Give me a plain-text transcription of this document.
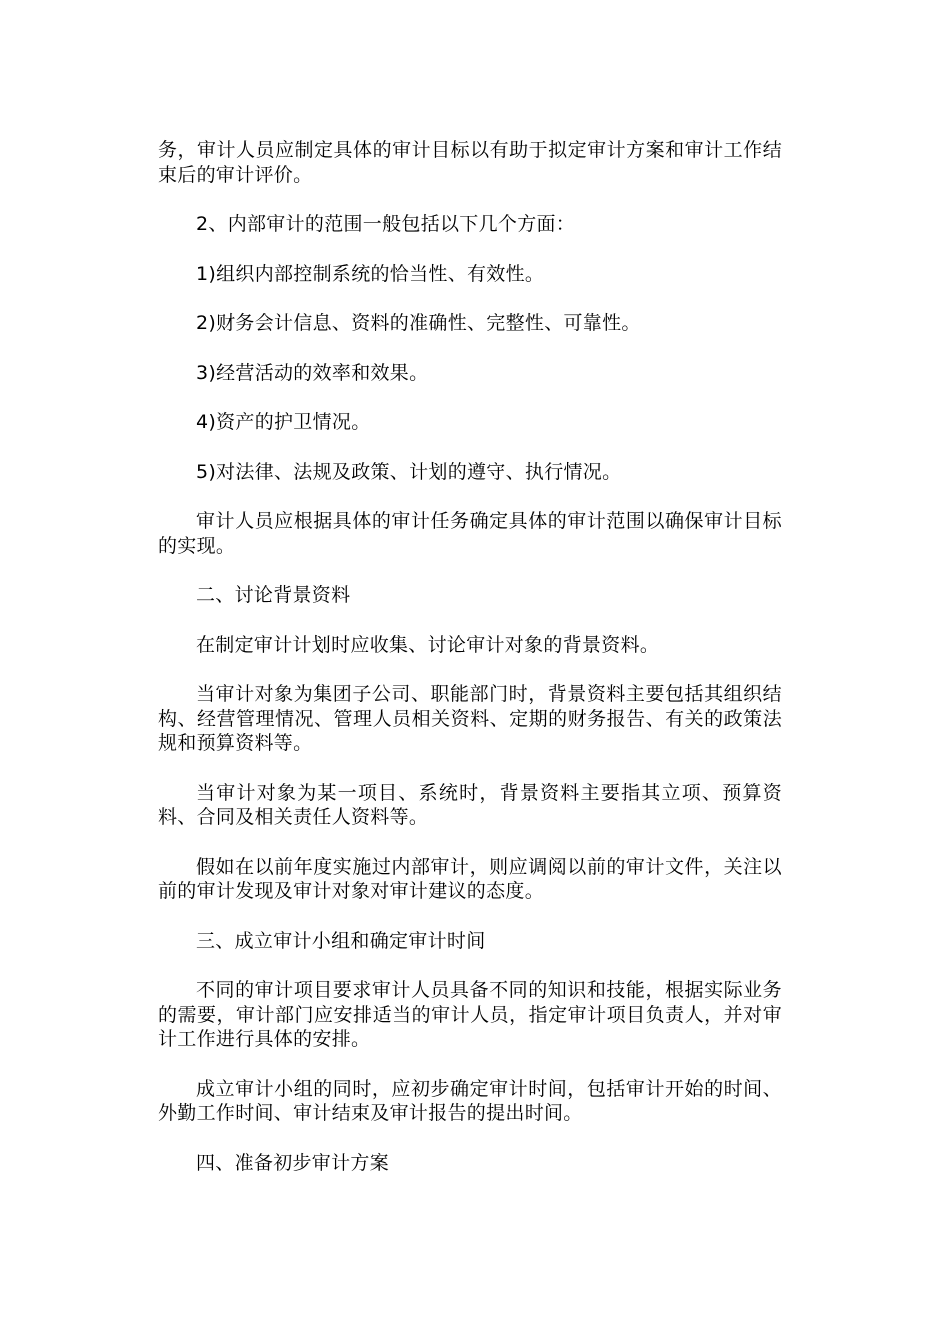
务，审计人员应制定具体的审计目标以有助于拟定审计方案和审计工作结束后的审计评价。

2、内部审计的范围一般包括以下几个方面：

1)组织内部控制系统的恰当性、有效性。

2)财务会计信息、资料的准确性、完整性、可靠性。

3)经营活动的效率和效果。

4)资产的护卫情况。

5)对法律、法规及政策、计划的遵守、执行情况。

审计人员应根据具体的审计任务确定具体的审计范围以确保审计目标的实现。

二、讨论背景资料

在制定审计计划时应收集、讨论审计对象的背景资料。

当审计对象为集团子公司、职能部门时，背景资料主要包括其组织结构、经营管理情况、管理人员相关资料、定期的财务报告、有关的政策法规和预算资料等。

当审计对象为某一项目、系统时，背景资料主要指其立项、预算资料、合同及相关责任人资料等。

假如在以前年度实施过内部审计，则应调阅以前的审计文件，关注以前的审计发现及审计对象对审计建议的态度。

三、成立审计小组和确定审计时间

不同的审计项目要求审计人员具备不同的知识和技能，根据实际业务的需要，审计部门应安排适当的审计人员，指定审计项目负责人，并对审计工作进行具体的安排。

成立审计小组的同时，应初步确定审计时间，包括审计开始的时间、外勤工作时间、审计结束及审计报告的提出时间。

四、准备初步审计方案
